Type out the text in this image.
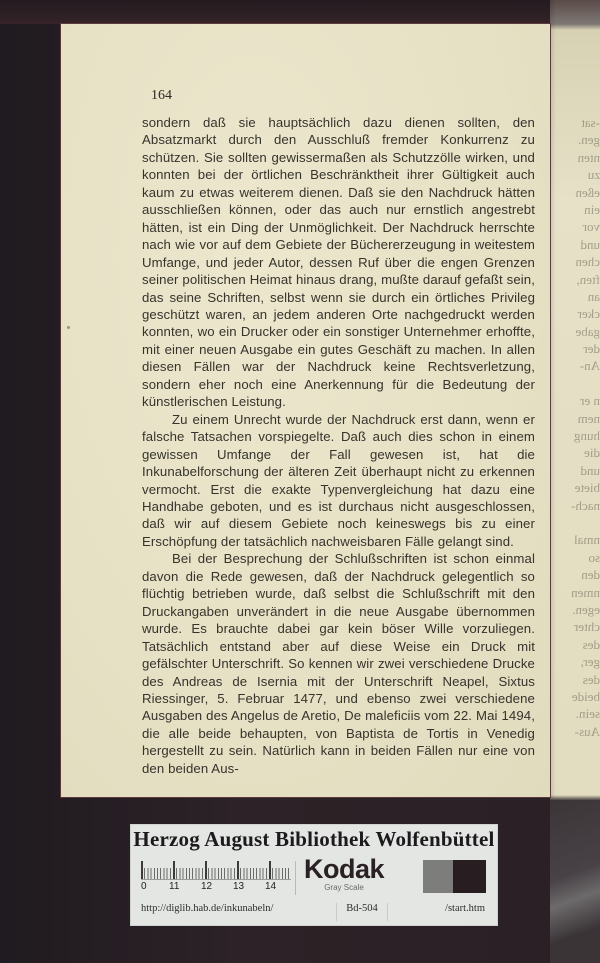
-sat
gen.
nten
zu
eßen
ein
vor
und
chen
ften,
an
cker
gabe
der
An-
n er
nem
hung
die
und
biete
nach-
nmal
so
den
nmen
egen.
chter
des
ger,
des
beide
sein.
Aus-
164

sondern daß sie hauptsächlich dazu dienen sollten, den Absatzmarkt durch den Ausschluß fremder Konkurrenz zu schützen. Sie sollten gewissermaßen als Schutzzölle wirken, und konnten bei der örtlichen Beschränktheit ihrer Gültigkeit auch kaum zu etwas weiterem dienen. Daß sie den Nachdruck hätten ausschließen können, oder das auch nur ernstlich angestrebt hätten, ist ein Ding der Unmöglichkeit. Der Nachdruck herrschte nach wie vor auf dem Gebiete der Büchererzeugung in weitestem Umfange, und jeder Autor, dessen Ruf über die engen Grenzen seiner politischen Heimat hinaus drang, mußte darauf gefaßt sein, das seine Schriften, selbst wenn sie durch ein örtliches Privileg geschützt waren, an jedem anderen Orte nachgedruckt werden konnten, wo ein Drucker oder ein sonstiger Unternehmer erhoffte, mit einer neuen Ausgabe ein gutes Geschäft zu machen. In allen diesen Fällen war der Nachdruck keine Rechtsverletzung, sondern eher noch eine Anerkennung für die Bedeutung der künstlerischen Leistung.

Zu einem Unrecht wurde der Nachdruck erst dann, wenn er falsche Tatsachen vorspiegelte. Daß auch dies schon in einem gewissen Umfange der Fall gewesen ist, hat die Inkunabelforschung der älteren Zeit überhaupt nicht zu erkennen vermocht. Erst die exakte Typenvergleichung hat dazu eine Handhabe geboten, und es ist durchaus nicht ausgeschlossen, daß wir auf diesem Gebiete noch keineswegs bis zu einer Erschöpfung der tatsächlich nachweisbaren Fälle gelangt sind.

Bei der Besprechung der Schlußschriften ist schon einmal davon die Rede gewesen, daß der Nachdruck gelegentlich so flüchtig betrieben wurde, daß selbst die Schlußschrift mit den Druckangaben unverändert in die neue Ausgabe übernommen wurde. Es brauchte dabei gar kein böser Wille vorzuliegen. Tatsächlich entstand aber auf diese Weise ein Druck mit gefälschter Unterschrift. So kennen wir zwei verschiedene Drucke des Andreas de Isernia mit der Unterschrift Neapel, Sixtus Riessinger, 5. Februar 1477, und ebenso zwei verschiedene Ausgaben des Angelus de Aretio, De maleficiis vom 22. Mai 1494, die alle beide behaupten, von Baptista de Tortis in Venedig hergestellt zu sein. Natürlich kann in beiden Fällen nur eine von den beiden Aus-

Herzog August Bibliothek Wolfenbüttel
0 11 12 13 14
Kodak
Gray Scale
http://diglib.hab.de/inkunabeln/	Bd-504	/start.htm
